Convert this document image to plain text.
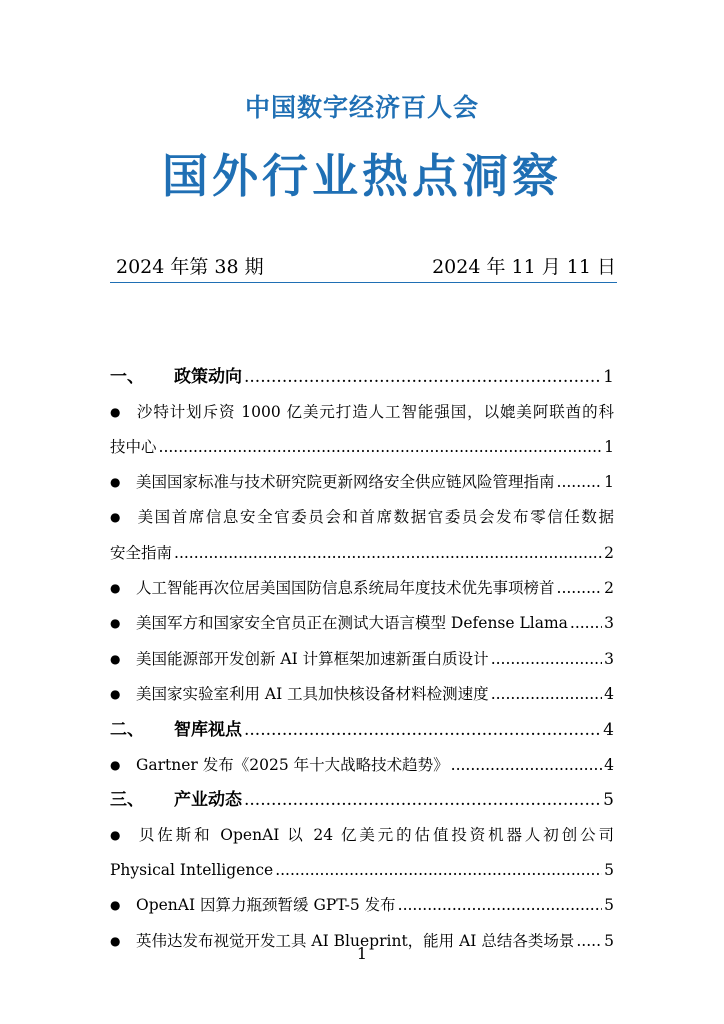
中国数字经济百人会
国外行业热点洞察
2024 年第 38 期	2024 年 11 月 11 日
一、	政策动向 .....	1
● 沙特计划斥资 1000 亿美元打造人工智能强国，以媲美阿联酋的科
技中心 .....	1
●	美国国家标准与技术研究院更新网络安全供应链风险管理指南 .....	1
● 美国首席信息安全官委员会和首席数据官委员会发布零信任数据
安全指南 .....	2
●	人工智能再次位居美国国防信息系统局年度技术优先事项榜首 .....	2
●	美国军方和国家安全官员正在测试大语言模型 Defense Llama ..... 3
●	美国能源部开发创新 AI 计算框架加速新蛋白质设计 .....	3
●	美国家实验室利用 AI 工具加快核设备材料检测速度 .....	4
二、	智库视点 .....	4
●	Gartner 发布《2025 年十大战略技术趋势》 .....	4
三、	产业动态 .....	5
● 贝佐斯和 OpenAI 以 24 亿美元的估值投资机器人初创公司
Physical Intelligence .....	5
●	OpenAI 因算力瓶颈暂缓 GPT-5 发布 .....	5
●	英伟达发布视觉开发工具 AI Blueprint，能用 AI 总结各类场景 ..... 5
1
